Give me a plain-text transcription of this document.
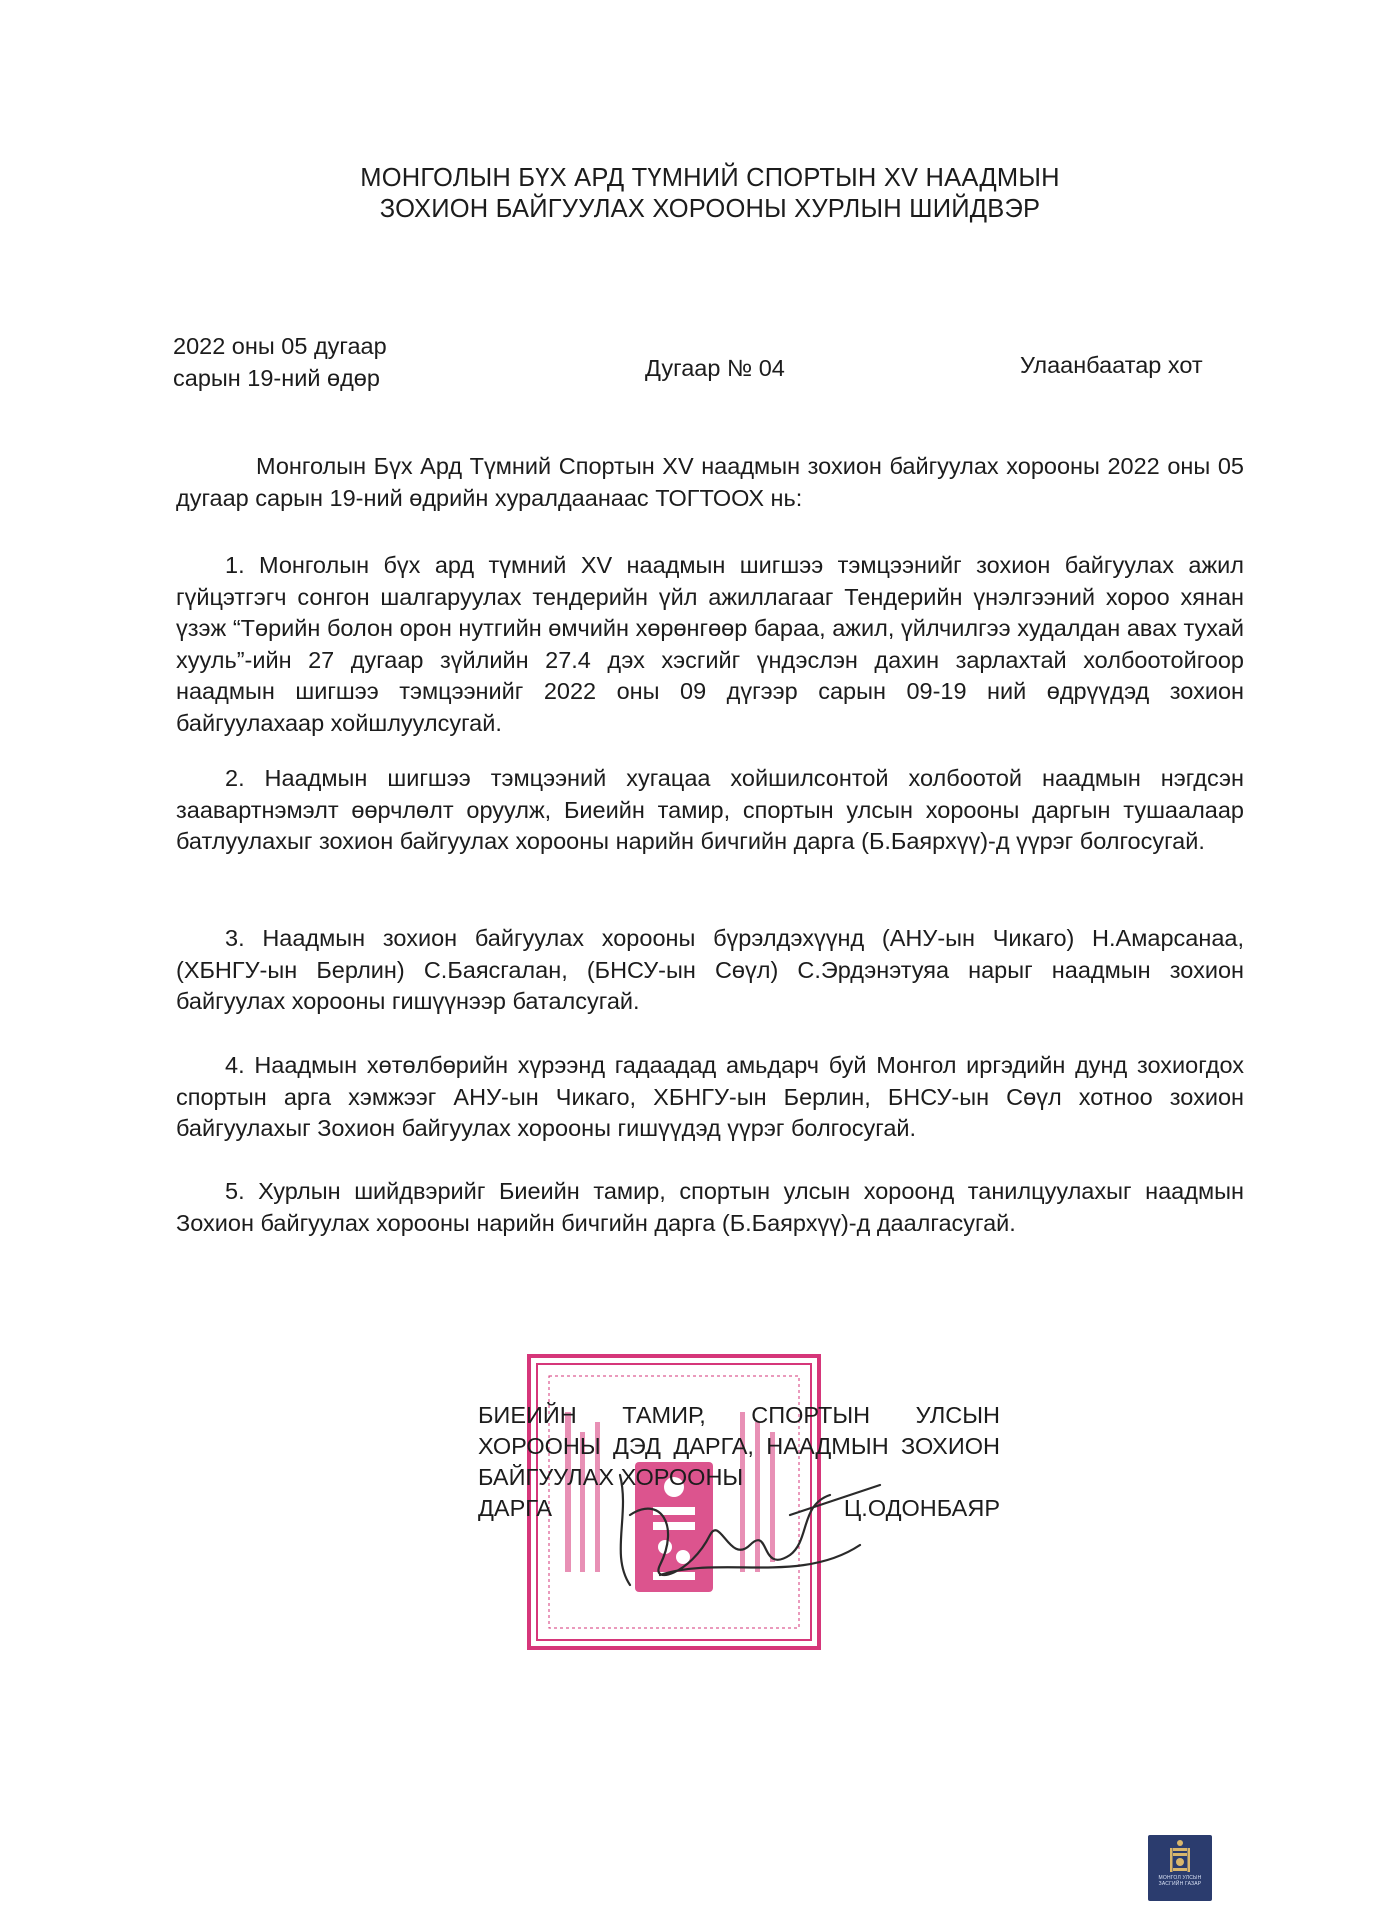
МОНГОЛЫН БҮХ АРД ТҮМНИЙ СПОРТЫН XV НААДМЫН
ЗОХИОН БАЙГУУЛАХ ХОРООНЫ ХУРЛЫН ШИЙДВЭР
2022 оны 05 дугаар
сарын 19-ний өдөр	Дугаар № 04	Улаанбаатар хот
Монголын Бүх Ард Түмний Спортын XV наадмын зохион байгуулах хорооны 2022 оны 05 дугаар сарын 19-ний өдрийн хуралдаанаас ТОГТООХ нь:
1. Монголын бүх ард түмний XV наадмын шигшээ тэмцээнийг зохион байгуулах ажил гүйцэтгэгч сонгон шалгаруулах тендерийн үйл ажиллагааг Тендерийн үнэлгээний хороо хянан үзэж “Төрийн болон орон нутгийн өмчийн хөрөнгөөр бараа, ажил, үйлчилгээ худалдан авах тухай хууль”-ийн 27 дугаар зүйлийн 27.4 дэх хэсгийг үндэслэн дахин зарлахтай холбоотойгоор наадмын шигшээ тэмцээнийг 2022 оны 09 дүгээр сарын 09-19 ний өдрүүдэд зохион байгуулахаар хойшлуулсугай.
2. Наадмын шигшээ тэмцээний хугацаа хойшилсонтой холбоотой наадмын нэгдсэн заавартнэмэлт өөрчлөлт оруулж, Биеийн тамир, спортын улсын хорооны даргын тушаалаар батлуулахыг зохион байгуулах хорооны нарийн бичгийн дарга (Б.Баярхүү)-д үүрэг болгосугай.
3. Наадмын зохион байгуулах хорооны бүрэлдэхүүнд (АНУ-ын Чикаго) Н.Амарсанаа, (ХБНГУ-ын Берлин) С.Баясгалан, (БНСУ-ын Сөүл) С.Эрдэнэтуяа нарыг наадмын зохион байгуулах хорооны гишүүнээр баталсугай.
4. Наадмын хөтөлбөрийн хүрээнд гадаадад амьдарч буй Монгол иргэдийн дунд зохиогдох спортын арга хэмжээг АНУ-ын Чикаго, ХБНГУ-ын Берлин, БНСУ-ын Сөүл хотноо зохион байгуулахыг Зохион байгуулах хорооны гишүүдэд үүрэг болгосугай.
5. Хурлын шийдвэрийг Биеийн тамир, спортын улсын хороонд танилцуулахыг наадмын Зохион байгуулах хорооны нарийн бичгийн дарга (Б.Баярхүү)-д даалгасугай.
БИЕИЙН ТАМИР, СПОРТЫН УЛСЫН ХОРООНЫ ДЭД ДАРГА, НААДМЫН ЗОХИОН БАЙГУУЛАХ ХОРООНЫ
ДАРГА	Ц.ОДОНБАЯР
МОНГОЛ УЛСЫН
ЗАСГИЙН ГАЗАР
